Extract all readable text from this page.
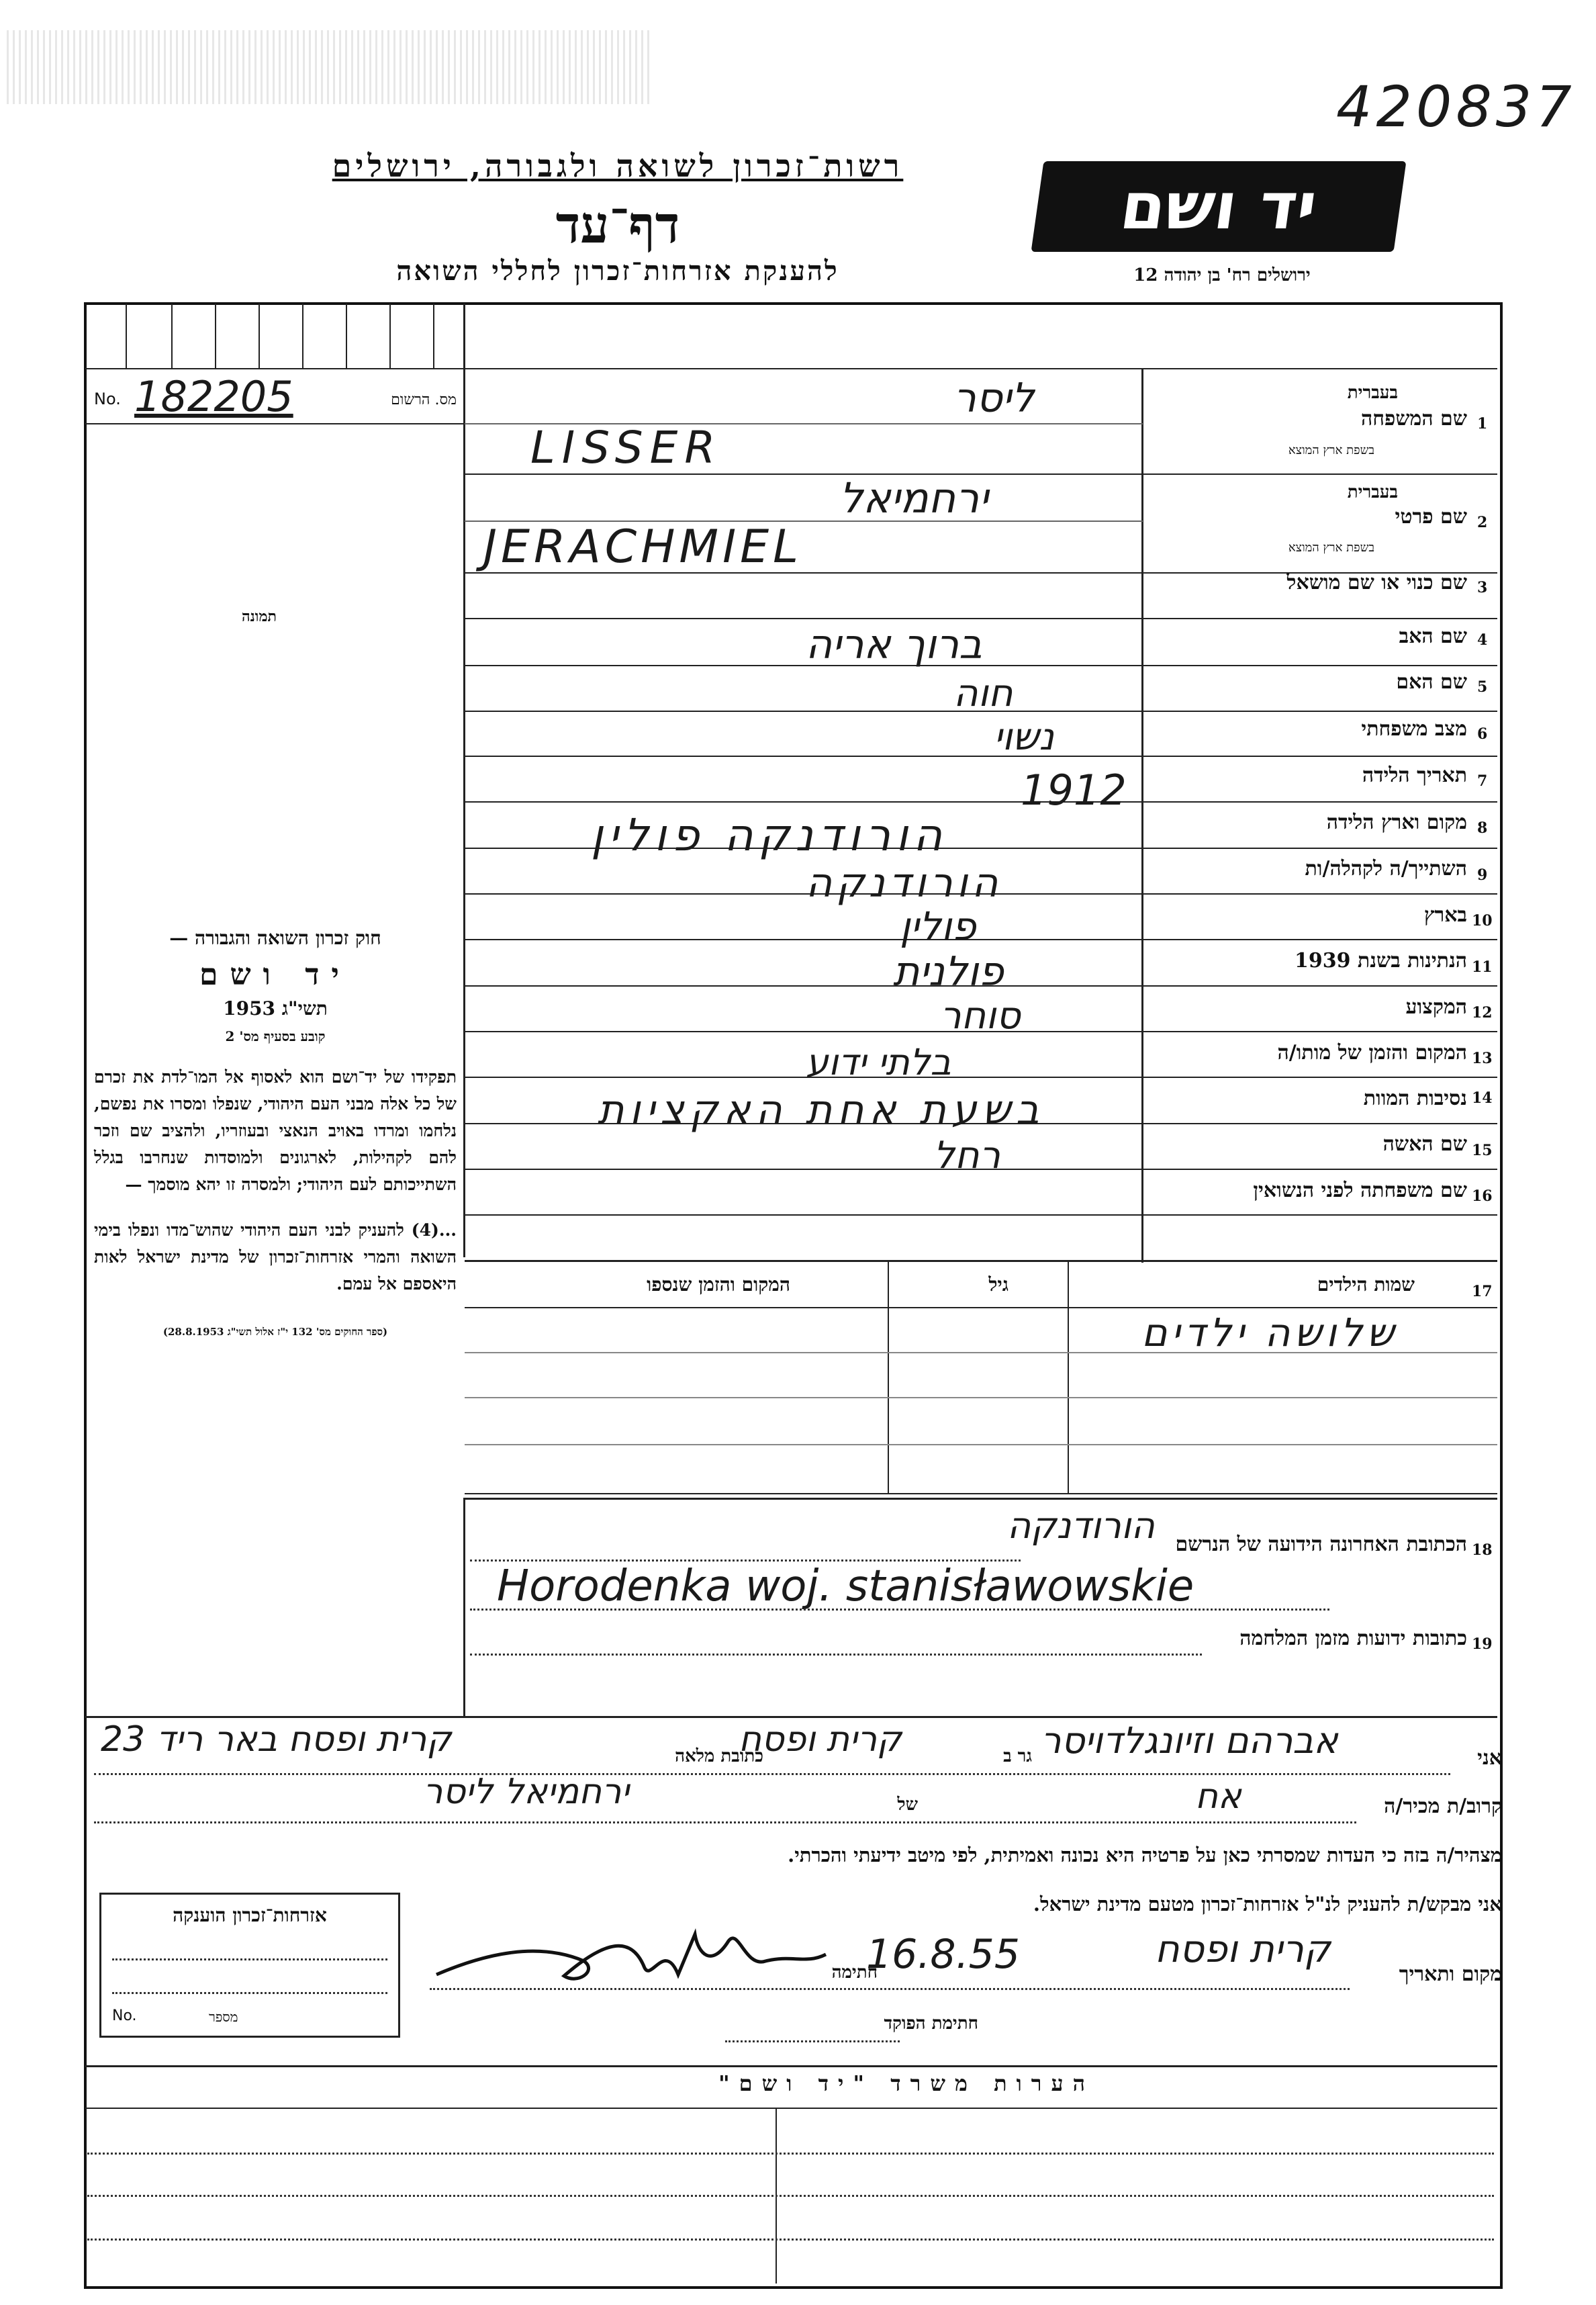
420837
רשות־זכרון לשואה ולגבורה, ירושלים
דף־עד
להענקת אזרחות־זכרון לחללי השואה
יד ושם
ירושלים רח' בן יהודה 12
No. 182205	מס. הרשום
תמונה
1
שם המשפחה
בעברית
בשפת ארץ המוצא
ליסר
LISSER
2
שם פרטי
בעברית
בשפת ארץ המוצא
ירחמיאל
JERACHMIEL
3
שם כנוי או שם מושאל
4
שם האב
ברוך אריה
5
שם האם
חוה
6
מצב משפחתי
נשוי
7
תאריך הלידה
1912
8
מקום וארץ הלידה
הורודנקה פולין
9
השתייך/ה לקהלה/ות
הורודנקה
10
בארץ
פולין
11
הנתינות בשנת 1939
פולנית
12
המקצוע
סוחר
13
המקום והזמן של מותו/ה
בלתי ידוע
14
נסיבות המוות
בשעת אחת האקציות
15
שם האשה
רחל
16
שם משפחתה לפני הנשואין
17
שמות הילדים
גיל
המקום והזמן שנספו
שלושה ילדים
חוק זכרון השואה והגבורה —
יד ושם
תשי"ג 1953
קובע בסעיף מס' 2
תפקידו של יד־ושם הוא לאסוף אל המו־לדת את זכרם של כל אלה מבני העם היהודי, שנפלו ומסרו את נפשם, נלחמו ומרדו באויב הנאצי ובעוזריו, ולהציב שם וזכר להם לקהילות, לארגונים ולמוסדות שנחרבו בגלל השתייכותם לעם היהודי; ולמסרה זו יהא מוסמך —
...(4) להעניק לבני העם היהודי שהוש־מדו ונפלו בימי השואה והמרי אזרחות־זכרון של מדינת ישראל לאות היאספם אל עמם.
(ספר החוקים מס' 132 י"ז אלול תשי"ג 28.8.1953)
18
הכתובת האחרונה הידועה של הנרשם
הורודנקה
Horodenka woj. stanisławowskie
19
כתובות ידועות מזמן המלחמה
אני
אברהם וזיונגלדויסר
גר ב
קרית ופסח
כתובת מלאה
קרית ופסח באר ריד 23
קרוב/ת מכיר/ה
אח
של
ירחמיאל ליסר
מצהיר/ה בזה כי העדות שמסרתי כאן על פרטיה היא נכונה ואמיתית, לפי מיטב ידיעתי והכרתי.
אני מבקש/ת להעניק לנ"ל אזרחות־זכרון מטעם מדינת ישראל.
אזרחות־זכרון הוענקה
No.	מספר
מקום ותאריך
קרית ופסח
16.8.55
חתימה
חתימת הפוקד
הערות משרד "יד ושם"
